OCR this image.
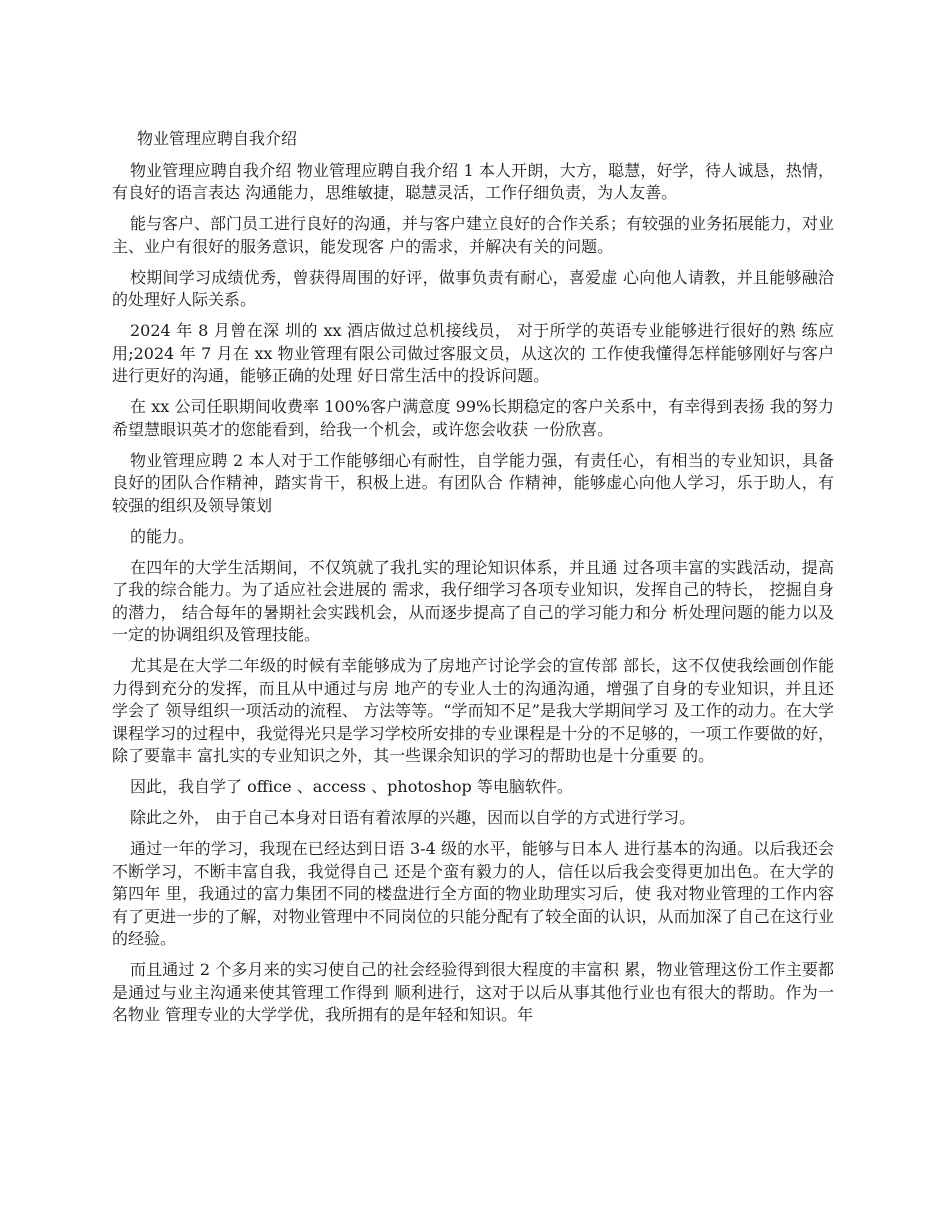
物业管理应聘自我介绍

物业管理应聘自我介绍 物业管理应聘自我介绍 1 本人开朗，大方，聪慧，好学，待人诚恳，热情，有良好的语言表达 沟通能力，思维敏捷，聪慧灵活，工作仔细负责，为人友善。

能与客户、部门员工进行良好的沟通，并与客户建立良好的合作关系；有较强的业务拓展能力，对业主、业户有很好的服务意识，能发现客 户的需求，并解决有关的问题。

校期间学习成绩优秀，曾获得周围的好评，做事负责有耐心，喜爱虚 心向他人请教，并且能够融洽的处理好人际关系。

2024 年 8 月曾在深 圳的 xx 酒店做过总机接线员， 对于所学的英语专业能够进行很好的熟 练应用;2024 年 7 月在 xx 物业管理有限公司做过客服文员，从这次的 工作使我懂得怎样能够刚好与客户进行更好的沟通，能够正确的处理 好日常生活中的投诉问题。

在 xx 公司任职期间收费率 100%客户满意度 99%长期稳定的客户关系中，有幸得到表扬 我的努力希望慧眼识英才的您能看到，给我一个机会，或许您会收获 一份欣喜。

物业管理应聘 2 本人对于工作能够细心有耐性，自学能力强，有责任心，有相当的专业知识，具备良好的团队合作精神，踏实肯干，积极上进。有团队合 作精神，能够虚心向他人学习，乐于助人，有较强的组织及领导策划

的能力。

在四年的大学生活期间，不仅筑就了我扎实的理论知识体系，并且通 过各项丰富的实践活动，提高了我的综合能力。为了适应社会进展的 需求，我仔细学习各项专业知识，发挥自己的特长， 挖掘自身的潜力， 结合每年的暑期社会实践机会，从而逐步提高了自己的学习能力和分 析处理问题的能力以及一定的协调组织及管理技能。

尤其是在大学二年级的时候有幸能够成为了房地产讨论学会的宣传部 部长，这不仅使我绘画创作能力得到充分的发挥，而且从中通过与房 地产的专业人士的沟通沟通，增强了自身的专业知识，并且还学会了 领导组织一项活动的流程、 方法等等。“学而知不足”是我大学期间学习 及工作的动力。在大学课程学习的过程中，我觉得光只是学习学校所安排的专业课程是十分的不足够的，一项工作要做的好，除了要靠丰 富扎实的专业知识之外，其一些课余知识的学习的帮助也是十分重要 的。

因此，我自学了 office 、access 、photoshop 等电脑软件。

除此之外， 由于自己本身对日语有着浓厚的兴趣，因而以自学的方式进行学习。

通过一年的学习，我现在已经达到日语 3-4 级的水平，能够与日本人 进行基本的沟通。以后我还会不断学习，不断丰富自我，我觉得自己 还是个蛮有毅力的人，信任以后我会变得更加出色。在大学的第四年 里，我通过的富力集团不同的楼盘进行全方面的物业助理实习后，使 我对物业管理的工作内容有了更进一步的了解，对物业管理中不同岗位的只能分配有了较全面的认识，从而加深了自己在这行业的经验。

而且通过 2 个多月来的实习使自己的社会经验得到很大程度的丰富积 累，物业管理这份工作主要都是通过与业主沟通来使其管理工作得到 顺利进行，这对于以后从事其他行业也有很大的帮助。作为一名物业 管理专业的大学学优，我所拥有的是年轻和知识。年
